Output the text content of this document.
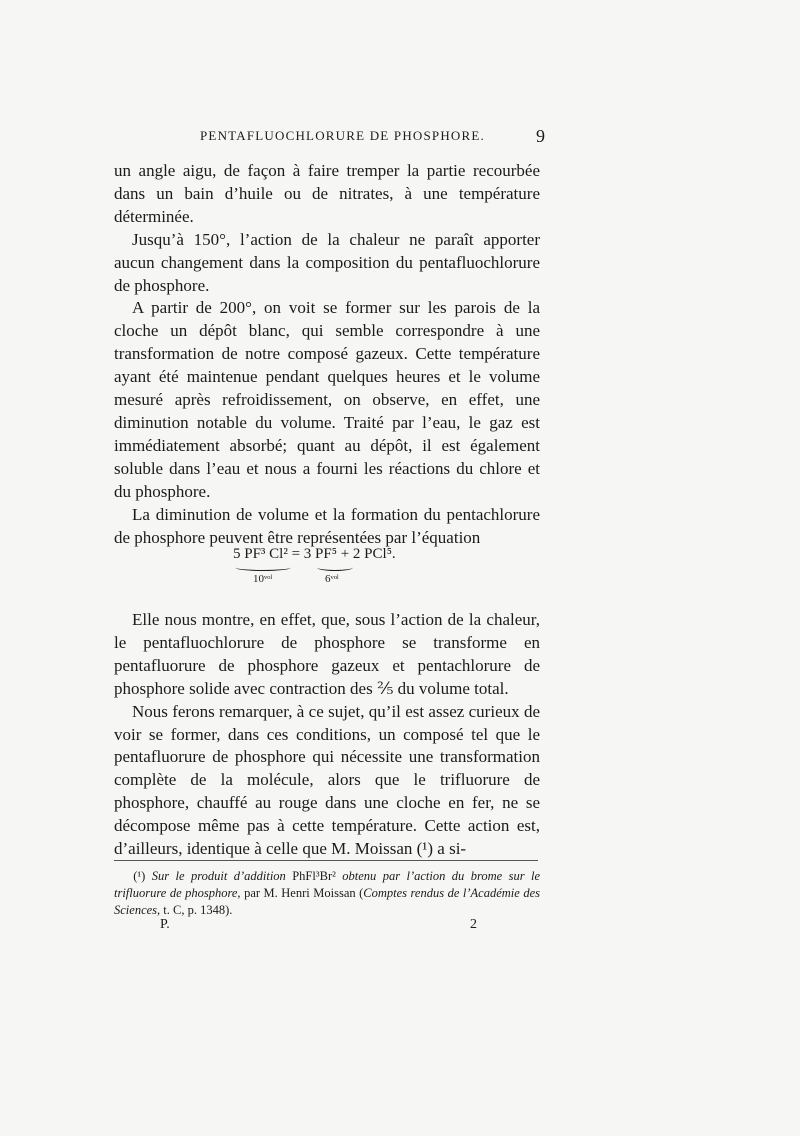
PENTAFLUOCHLORURE DE PHOSPHORE.	9

un angle aigu, de façon à faire tremper la partie recourbée dans un bain d’huile ou de nitrates, à une température déterminée.

Jusqu’à 150°, l’action de la chaleur ne paraît apporter aucun changement dans la composition du pentafluochlorure de phosphore.

A partir de 200°, on voit se former sur les parois de la cloche un dépôt blanc, qui semble correspondre à une transformation de notre composé gazeux. Cette température ayant été maintenue pendant quelques heures et le volume mesuré après refroidissement, on observe, en effet, une diminution notable du volume. Traité par l’eau, le gaz est immédiatement absorbé; quant au dépôt, il est également soluble dans l’eau et nous a fourni les réactions du chlore et du phosphore.

La diminution de volume et la formation du pentachlorure de phosphore peuvent être représentées par l’équation

5 PF³ Cl² = 3 PF⁵ + 2 PCl⁵.
10ᵛᵒˡ	6ᵛᵒˡ

Elle nous montre, en effet, que, sous l’action de la chaleur, le pentafluochlorure de phosphore se transforme en pentafluorure de phosphore gazeux et pentachlorure de phosphore solide avec contraction des ⅖ du volume total.

Nous ferons remarquer, à ce sujet, qu’il est assez curieux de voir se former, dans ces conditions, un composé tel que le pentafluorure de phosphore qui nécessite une transformation complète de la molécule, alors que le trifluorure de phosphore, chauffé au rouge dans une cloche en fer, ne se décompose même pas à cette température. Cette action est, d’ailleurs, identique à celle que M. Moissan (¹) a si-

(¹) Sur le produit d’addition PhFl³Br² obtenu par l’action du brome sur le trifluorure de phosphore, par M. Henri Moissan (Comptes rendus de l’Académie des Sciences, t. C, p. 1348).
P.	2
